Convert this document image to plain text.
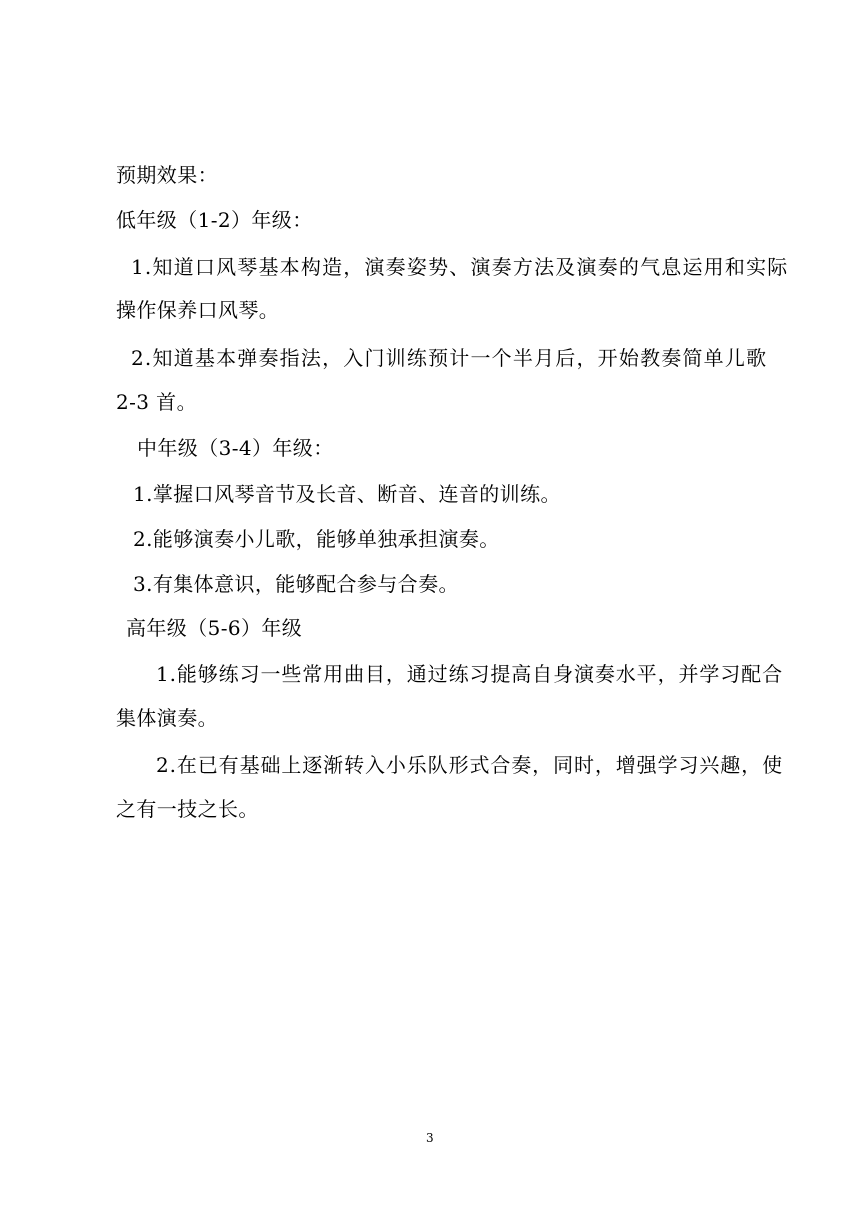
预期效果：
低年级（1-2）年级：
1.知道口风琴基本构造，演奏姿势、演奏方法及演奏的气息运用和实际
操作保养口风琴。
2.知道基本弹奏指法，入门训练预计一个半月后，开始教奏简单儿歌
2-3 首。
中年级（3-4）年级：
1.掌握口风琴音节及长音、断音、连音的训练。
2.能够演奏小儿歌，能够单独承担演奏。
3.有集体意识，能够配合参与合奏。
高年级（5-6）年级
1.能够练习一些常用曲目，通过练习提高自身演奏水平，并学习配合
集体演奏。
2.在已有基础上逐渐转入小乐队形式合奏，同时，增强学习兴趣，使
之有一技之长。
3
